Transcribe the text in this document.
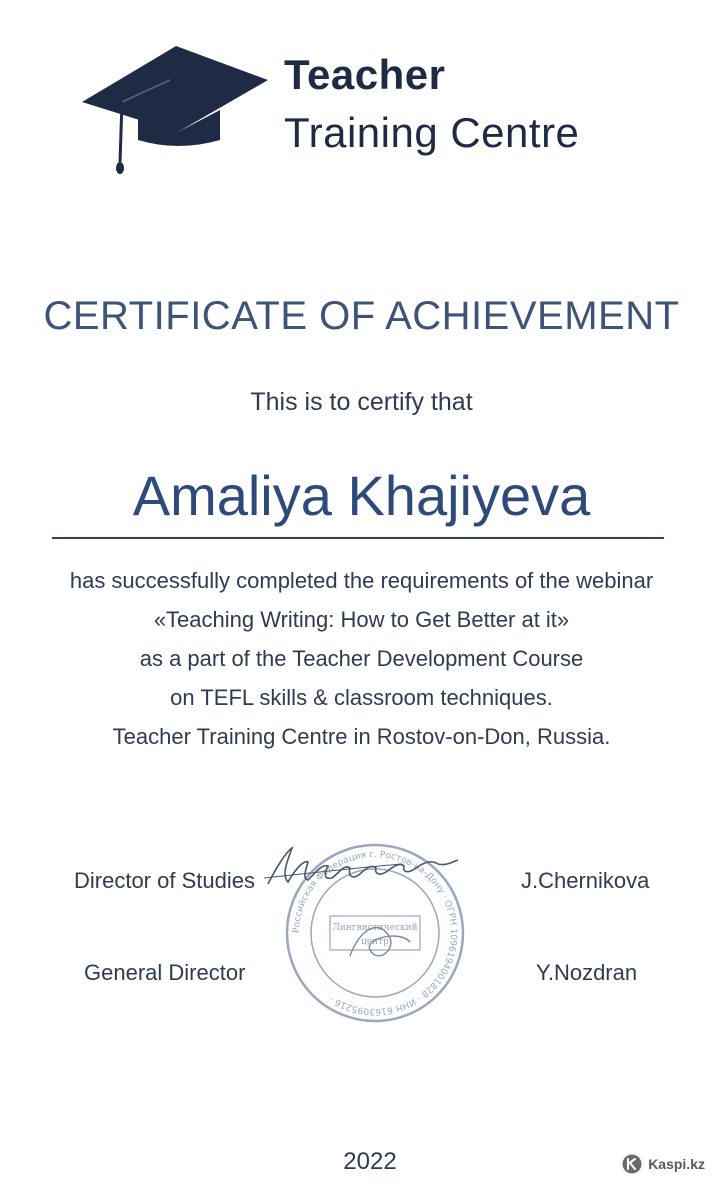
Teacher
Training Centre
CERTIFICATE OF ACHIEVEMENT
This is to certify that
Amaliya Khajiyeva
has successfully completed the requirements of the webinar
«Teaching Writing: How to Get Better at it»
as a part of the Teacher Development Course
on TEFL skills & classroom techniques.
Teacher Training Centre in Rostov-on-Don, Russia.
Российская Федерация г. Ростов-на-Дону · ОГРН 1096194001828 · ИНН 6163095216 ·
Лингвистический
центр
Director of Studies	J.Chernikova
General Director	Y.Nozdran
2022	Kaspi.kz
